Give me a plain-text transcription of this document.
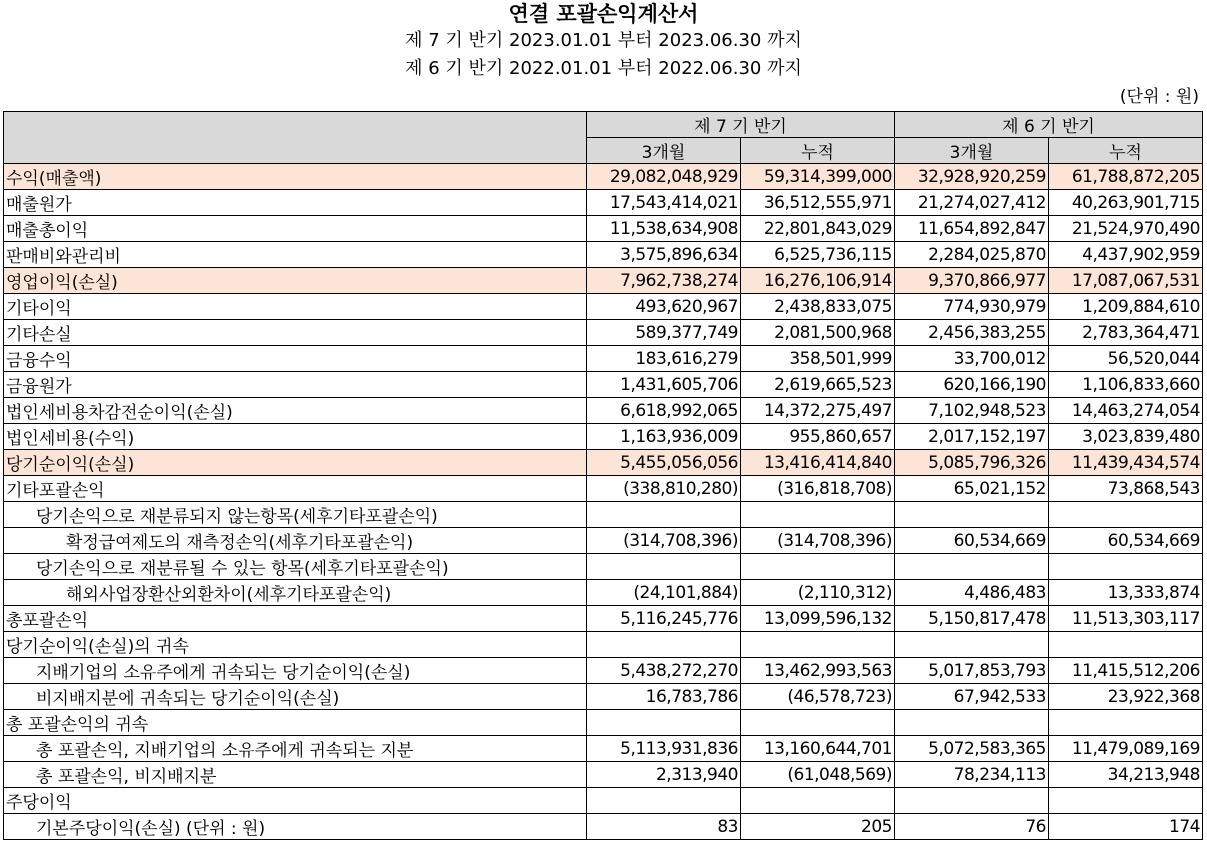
연결 포괄손익계산서
제 7 기 반기 2023.01.01 부터 2023.06.30 까지
제 6 기 반기 2022.01.01 부터 2022.06.30 까지
(단위 : 원)
	제 7 기 반기		제 6 기 반기	
	3개월	누적	3개월	누적
수익(매출액)	29,082,048,929	59,314,399,000	32,928,920,259	61,788,872,205
매출원가	17,543,414,021	36,512,555,971	21,274,027,412	40,263,901,715
매출총이익	11,538,634,908	22,801,843,029	11,654,892,847	21,524,970,490
판매비와관리비	3,575,896,634	6,525,736,115	2,284,025,870	4,437,902,959
영업이익(손실)	7,962,738,274	16,276,106,914	9,370,866,977	17,087,067,531
기타이익	493,620,967	2,438,833,075	774,930,979	1,209,884,610
기타손실	589,377,749	2,081,500,968	2,456,383,255	2,783,364,471
금융수익	183,616,279	358,501,999	33,700,012	56,520,044
금융원가	1,431,605,706	2,619,665,523	620,166,190	1,106,833,660
법인세비용차감전순이익(손실)	6,618,992,065	14,372,275,497	7,102,948,523	14,463,274,054
법인세비용(수익)	1,163,936,009	955,860,657	2,017,152,197	3,023,839,480
당기순이익(손실)	5,455,056,056	13,416,414,840	5,085,796,326	11,439,434,574
기타포괄손익	(338,810,280)	(316,818,708)	65,021,152	73,868,543
당기손익으로 재분류되지 않는항목(세후기타포괄손익)				
확정급여제도의 재측정손익(세후기타포괄손익)	(314,708,396)	(314,708,396)	60,534,669	60,534,669
당기손익으로 재분류될 수 있는 항목(세후기타포괄손익)				
해외사업장환산외환차이(세후기타포괄손익)	(24,101,884)	(2,110,312)	4,486,483	13,333,874
총포괄손익	5,116,245,776	13,099,596,132	5,150,817,478	11,513,303,117
당기순이익(손실)의 귀속				
지배기업의 소유주에게 귀속되는 당기순이익(손실)	5,438,272,270	13,462,993,563	5,017,853,793	11,415,512,206
비지배지분에 귀속되는 당기순이익(손실)	16,783,786	(46,578,723)	67,942,533	23,922,368
총 포괄손익의 귀속				
총 포괄손익, 지배기업의 소유주에게 귀속되는 지분	5,113,931,836	13,160,644,701	5,072,583,365	11,479,089,169
총 포괄손익, 비지배지분	2,313,940	(61,048,569)	78,234,113	34,213,948
주당이익				
기본주당이익(손실) (단위 : 원)	83	205	76	174
